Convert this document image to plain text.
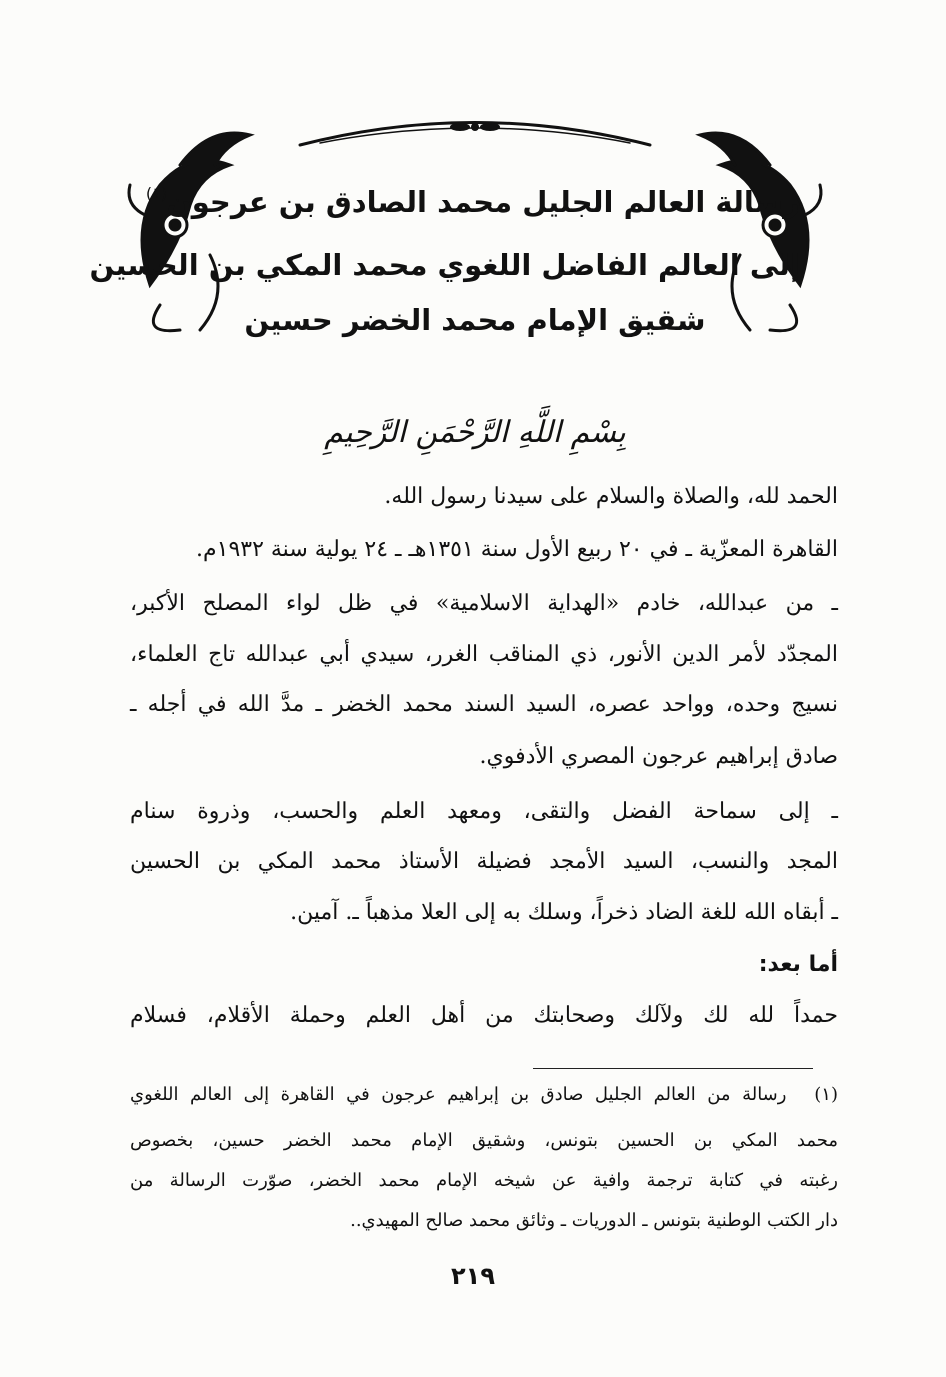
رسالة العالم الجليل محمد الصادق بن عرجون$^{(١)}$
إلى العالم الفاضل اللغوي محمد المكي بن الحسين
شقيق الإمام محمد الخضر حسين
بِسْمِ اللَّهِ الرَّحْمَنِ الرَّحِيمِ
الحمد لله، والصلاة والسلام على سيدنا رسول الله.
القاهرة المعزّية ـ في ٢٠ ربيع الأول سنة ١٣٥١هـ ـ ٢٤ يولية سنة ١٩٣٢م.
ـ من عبدالله، خادم «الهداية الاسلامية» في ظل لواء المصلح الأكبر،
المجدّد لأمر الدين الأنور، ذي المناقب الغرر، سيدي أبي عبدالله تاج العلماء،
نسيج وحده، وواحد عصره، السيد السند محمد الخضر ـ مدَّ الله في أجله ـ
صادق إبراهيم عرجون المصري الأدفوي.
ـ إلى سماحة الفضل والتقى، ومعهد العلم والحسب، وذروة سنام
المجد والنسب، السيد الأمجد فضيلة الأستاذ محمد المكي بن الحسين
ـ أبقاه الله للغة الضاد ذخراً، وسلك به إلى العلا مذهباً ـ. آمين.
أما بعد:
حمداً لله لك ولآلك وصحابتك من أهل العلم وحملة الأقلام، فسلام
(١) رسالة من العالم الجليل صادق بن إبراهيم عرجون في القاهرة إلى العالم اللغوي
محمد المكي بن الحسين بتونس، وشقيق الإمام محمد الخضر حسين، بخصوص
رغبته في كتابة ترجمة وافية عن شيخه الإمام محمد الخضر، صوّرت الرسالة من
دار الكتب الوطنية بتونس ـ الدوريات ـ وثائق محمد صالح المهيدي..
٢١٩
